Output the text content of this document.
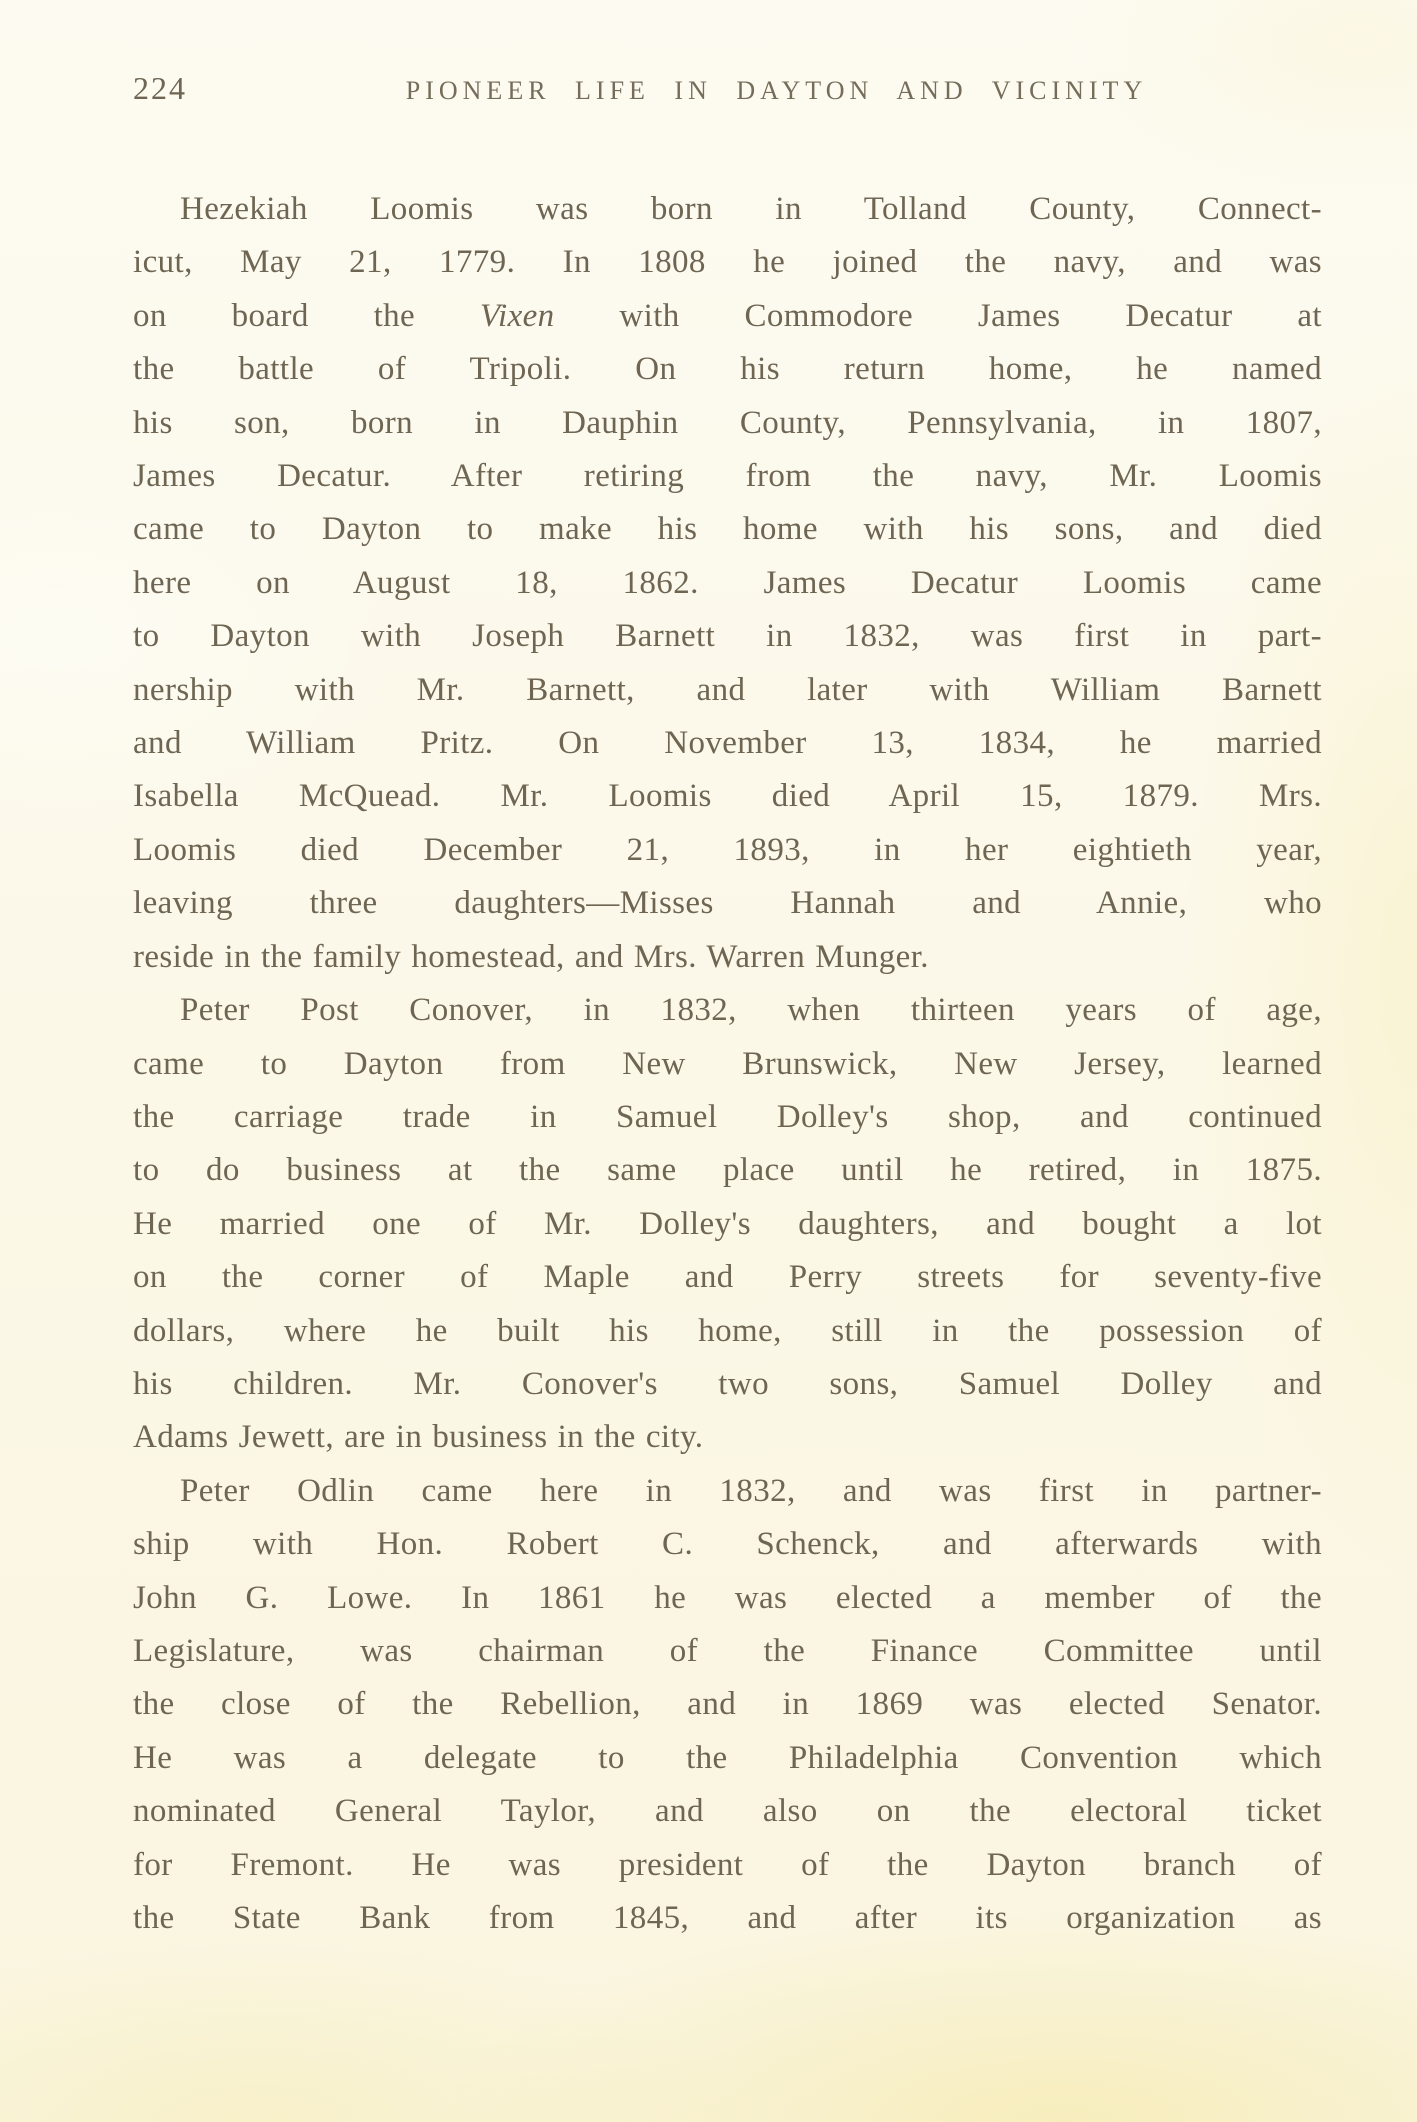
224	PIONEER LIFE IN DAYTON AND VICINITY
Hezekiah Loomis was born in Tolland County, Connect-
icut, May 21, 1779. In 1808 he joined the navy, and was
on board the Vixen with Commodore James Decatur at
the battle of Tripoli. On his return home, he named
his son, born in Dauphin County, Pennsylvania, in 1807,
James Decatur. After retiring from the navy, Mr. Loomis
came to Dayton to make his home with his sons, and died
here on August 18, 1862. James Decatur Loomis came
to Dayton with Joseph Barnett in 1832, was first in part-
nership with Mr. Barnett, and later with William Barnett
and William Pritz. On November 13, 1834, he married
Isabella McQuead. Mr. Loomis died April 15, 1879. Mrs.
Loomis died December 21, 1893, in her eightieth year,
leaving three daughters—Misses Hannah and Annie, who
reside in the family homestead, and Mrs. Warren Munger.
Peter Post Conover, in 1832, when thirteen years of age,
came to Dayton from New Brunswick, New Jersey, learned
the carriage trade in Samuel Dolley's shop, and continued
to do business at the same place until he retired, in 1875.
He married one of Mr. Dolley's daughters, and bought a lot
on the corner of Maple and Perry streets for seventy-five
dollars, where he built his home, still in the possession of
his children. Mr. Conover's two sons, Samuel Dolley and
Adams Jewett, are in business in the city.
Peter Odlin came here in 1832, and was first in partner-
ship with Hon. Robert C. Schenck, and afterwards with
John G. Lowe. In 1861 he was elected a member of the
Legislature, was chairman of the Finance Committee until
the close of the Rebellion, and in 1869 was elected Senator.
He was a delegate to the Philadelphia Convention which
nominated General Taylor, and also on the electoral ticket
for Fremont. He was president of the Dayton branch of
the State Bank from 1845, and after its organization as
